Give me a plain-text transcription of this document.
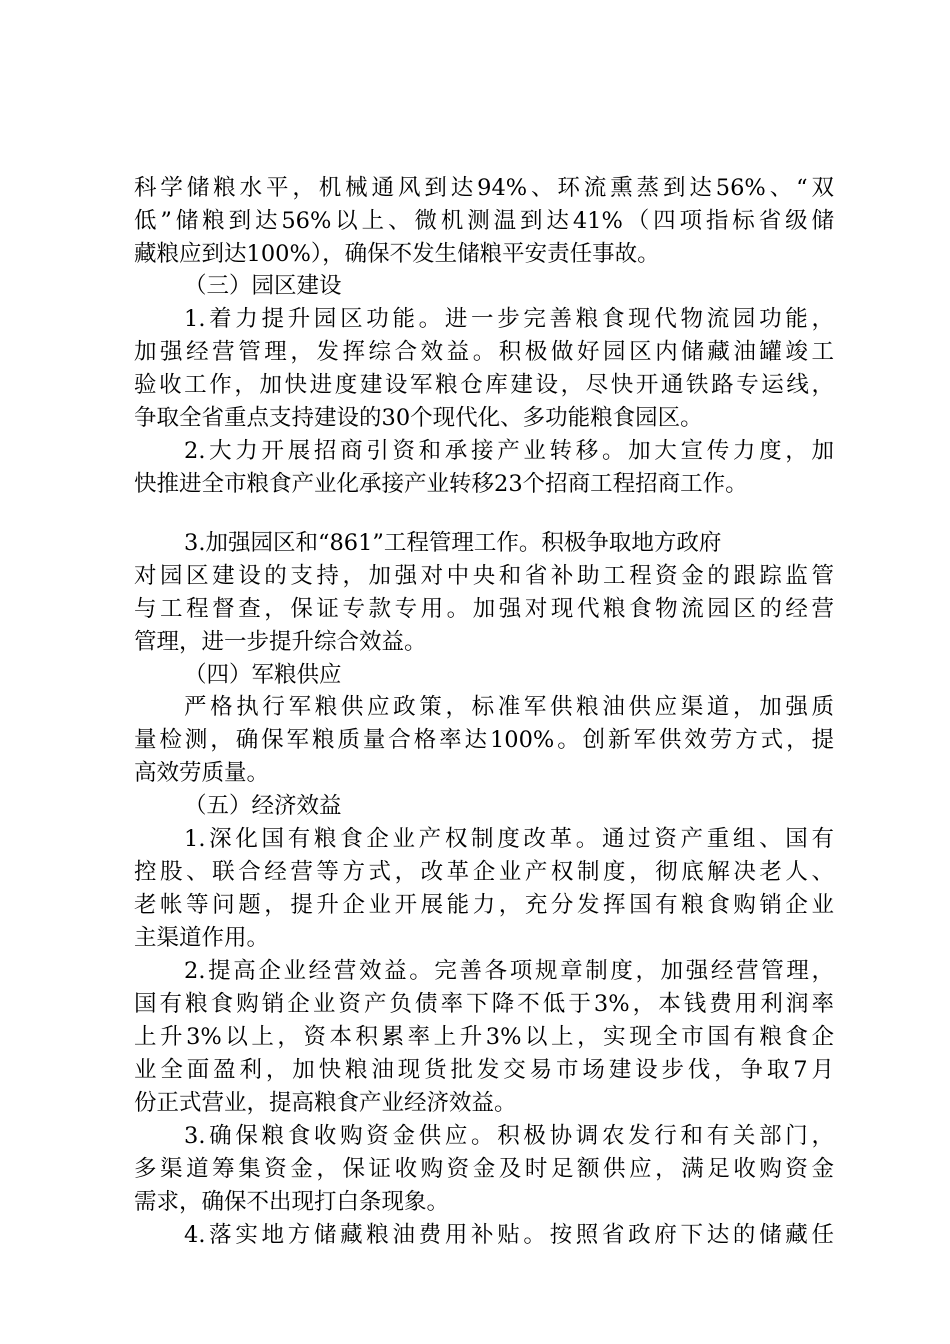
科学储粮水平，机械通风到达94%、环流熏蒸到达56%、“双
低”储粮到达56%以上、微机测温到达41%（四项指标省级储
藏粮应到达100%），确保不发生储粮平安责任事故。
（三）园区建设
1.着力提升园区功能。进一步完善粮食现代物流园功能，
加强经营管理，发挥综合效益。积极做好园区内储藏油罐竣工
验收工作，加快进度建设军粮仓库建设，尽快开通铁路专运线，
争取全省重点支持建设的30个现代化、多功能粮食园区。
2.大力开展招商引资和承接产业转移。加大宣传力度，加
快推进全市粮食产业化承接产业转移23个招商工程招商工作。
3.加强园区和“861”工程管理工作。积极争取地方政府
对园区建设的支持，加强对中央和省补助工程资金的跟踪监管
与工程督查，保证专款专用。加强对现代粮食物流园区的经营
管理，进一步提升综合效益。
（四）军粮供应
严格执行军粮供应政策，标准军供粮油供应渠道，加强质
量检测，确保军粮质量合格率达100%。创新军供效劳方式，提
高效劳质量。
（五）经济效益
1.深化国有粮食企业产权制度改革。通过资产重组、国有
控股、联合经营等方式，改革企业产权制度，彻底解决老人、
老帐等问题，提升企业开展能力，充分发挥国有粮食购销企业
主渠道作用。
2.提高企业经营效益。完善各项规章制度，加强经营管理，
国有粮食购销企业资产负债率下降不低于3%，本钱费用利润率
上升3%以上，资本积累率上升3%以上，实现全市国有粮食企
业全面盈利，加快粮油现货批发交易市场建设步伐，争取7月
份正式营业，提高粮食产业经济效益。
3.确保粮食收购资金供应。积极协调农发行和有关部门，
多渠道筹集资金，保证收购资金及时足额供应，满足收购资金
需求，确保不出现打白条现象。
4.落实地方储藏粮油费用补贴。按照省政府下达的储藏任
